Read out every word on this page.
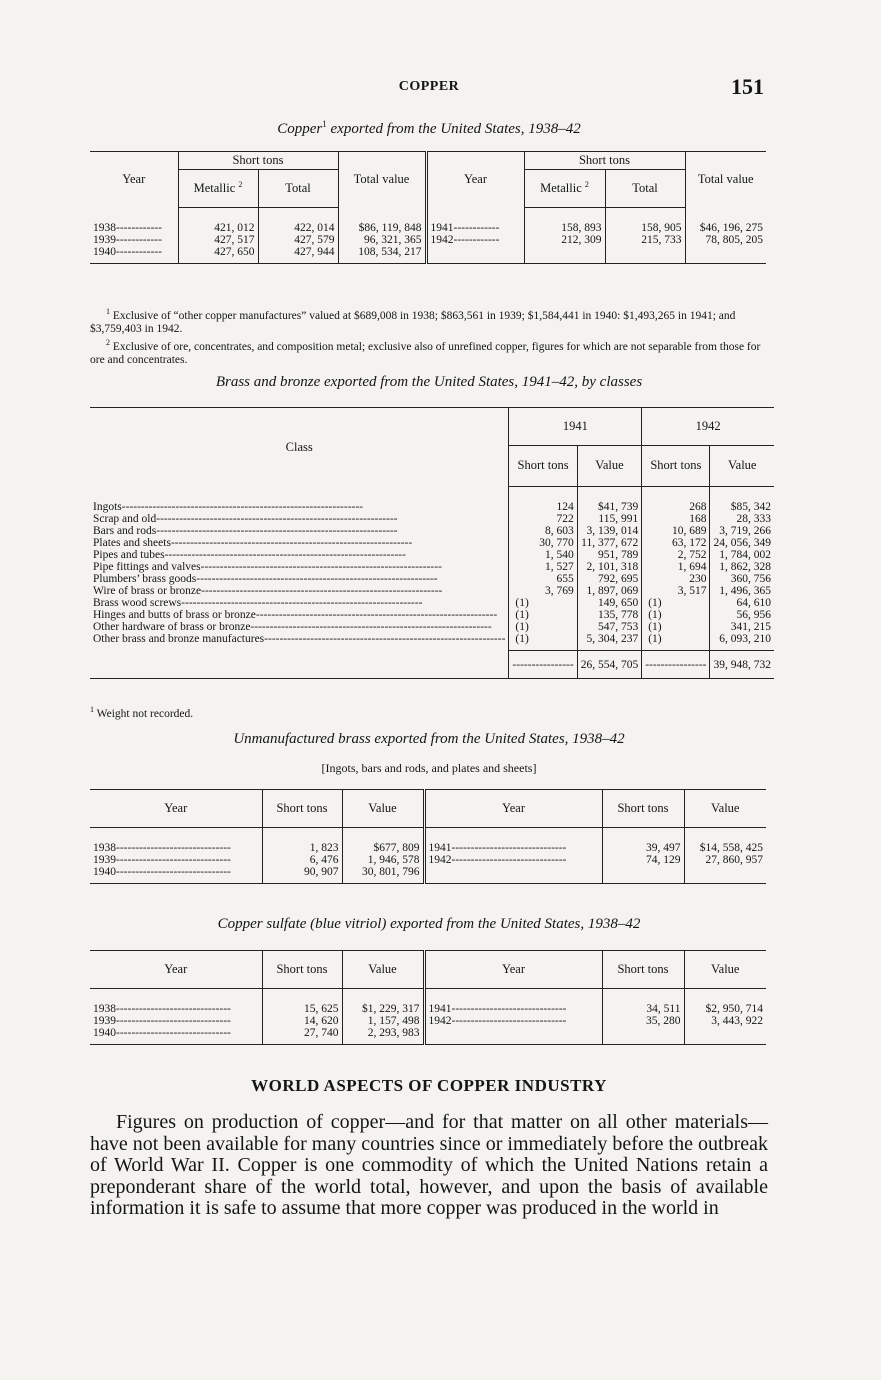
COPPER	151
Copper$^1$ exported from the United States, 1938–42
Year	Short tons		Total value	Year	Short tons		Total value
	Metallic $^2$	Total			Metallic $^2$	Total	

1938------------	421, 012	422, 014	$86, 119, 848	1941------------	158, 893	158, 905	$46, 196, 275
1939------------	427, 517	427, 579	96, 321, 365	1942------------	212, 309	215, 733	78, 805, 205
1940------------	427, 650	427, 944	108, 534, 217				

$^1$ Exclusive of “other copper manufactures” valued at $689,008 in 1938; $863,561 in 1939; $1,584,441 in 1940: $1,493,265 in 1941; and $3,759,403 in 1942.

$^2$ Exclusive of ore, concentrates, and composition metal; exclusive also of unrefined copper, figures for which are not separable from those for ore and concentrates.

Brass and bronze exported from the United States, 1941–42, by classes
Class	1941		1942	
	Short tons	Value	Short tons	Value

Ingots---------------------------------------------------------------	124	$41, 739	268	$85, 342
Scrap and old---------------------------------------------------------------	722	115, 991	168	28, 333
Bars and rods---------------------------------------------------------------	8, 603	3, 139, 014	10, 689	3, 719, 266
Plates and sheets---------------------------------------------------------------	30, 770	11, 377, 672	63, 172	24, 056, 349
Pipes and tubes---------------------------------------------------------------	1, 540	951, 789	2, 752	1, 784, 002
Pipe fittings and valves---------------------------------------------------------------	1, 527	2, 101, 318	1, 694	1, 862, 328
Plumbers’ brass goods---------------------------------------------------------------	655	792, 695	230	360, 756
Wire of brass or bronze---------------------------------------------------------------	3, 769	1, 897, 069	3, 517	1, 496, 365
Brass wood screws---------------------------------------------------------------	(1)	149, 650	(1)	64, 610
Hinges and butts of brass or bronze---------------------------------------------------------------	(1)	135, 778	(1)	56, 956
Other hardware of brass or bronze---------------------------------------------------------------	(1)	547, 753	(1)	341, 215
Other brass and bronze manufactures---------------------------------------------------------------	(1)	5, 304, 237	(1)	6, 093, 210

	----------------	26, 554, 705	----------------	39, 948, 732
$^1$ Weight not recorded.
Unmanufactured brass exported from the United States, 1938–42
[Ingots, bars and rods, and plates and sheets]
Year	Short tons	Value	Year	Short tons	Value

1938------------------------------	1, 823	$677, 809	1941------------------------------	39, 497	$14, 558, 425
1939------------------------------	6, 476	1, 946, 578	1942------------------------------	74, 129	27, 860, 957
1940------------------------------	90, 907	30, 801, 796			

Copper sulfate (blue vitriol) exported from the United States, 1938–42
Year	Short tons	Value	Year	Short tons	Value

1938------------------------------	15, 625	$1, 229, 317	1941------------------------------	34, 511	$2, 950, 714
1939------------------------------	14, 620	1, 157, 498	1942------------------------------	35, 280	3, 443, 922
1940------------------------------	27, 740	2, 293, 983			

WORLD ASPECTS OF COPPER INDUSTRY
Figures on production of copper—and for that matter on all other materials—have not been available for many countries since or immediately before the outbreak of World War II. Copper is one commodity of which the United Nations retain a preponderant share of the world total, however, and upon the basis of available information it is safe to assume that more copper was produced in the world in
